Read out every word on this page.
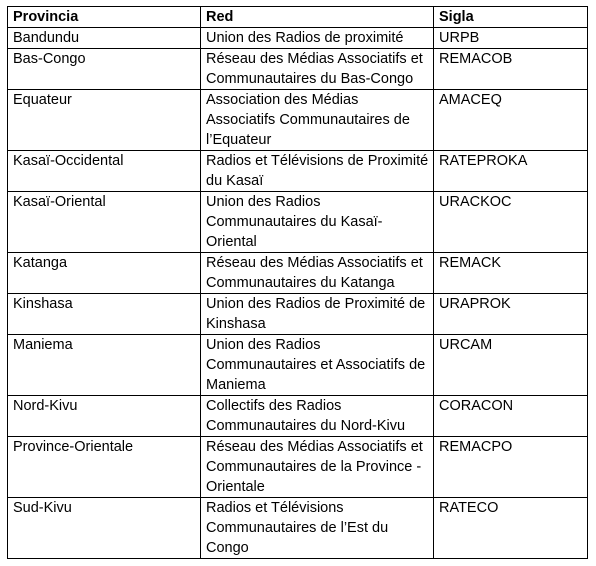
Provincia	Red	Sigla
Bandundu	Union des Radios de proximité	URPB
Bas-Congo	Réseau des Médias Associatifs et Communautaires du Bas-Congo	REMACOB
Equateur	Association des Médias Associatifs Communautaires de l’Equateur	AMACEQ
Kasaï-Occidental	Radios et Télévisions de Proximité du Kasaï	RATEPROKA
Kasaï-Oriental	Union des Radios Communautaires du Kasaï-Oriental	URACKOC
Katanga	Réseau des Médias Associatifs et Communautaires du Katanga	REMACK
Kinshasa	Union des Radios de Proximité de Kinshasa	URAPROK
Maniema	Union des Radios Communautaires et Associatifs de Maniema	URCAM
Nord-Kivu	Collectifs des Radios Communautaires du Nord-Kivu	CORACON
Province-Orientale	Réseau des Médias Associatifs et Communautaires de la Province -Orientale	REMACPO
Sud-Kivu	Radios et Télévisions Communautaires de l’Est du Congo	RATECO
